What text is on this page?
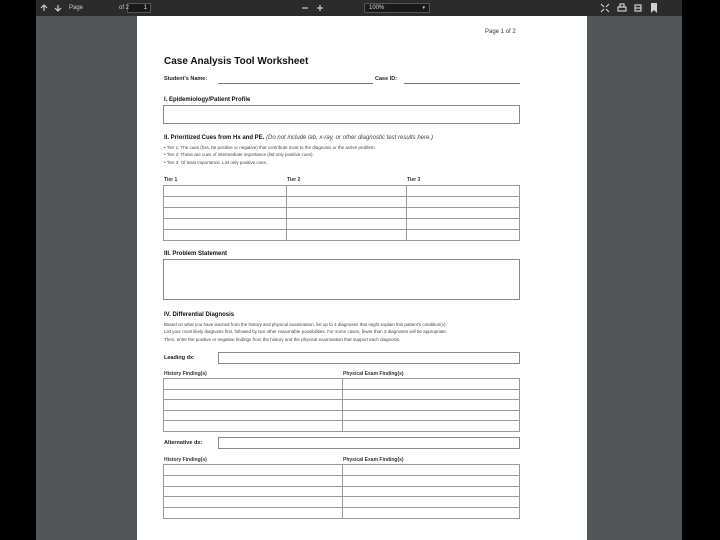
Page	1
of 2	100%	▾
Page 1 of 2
Case Analysis Tool Worksheet
Student's Name:	Case ID:
I. Epidemiology/Patient Profile
II. Prioritized Cues from Hx and PE. (Do not include lab, x-ray, or other diagnostic test results here.)
• Tier 1: The cues (hxs, be positive or negative) that contribute most to the diagnosis or the active problem.
• Tier 2: These are cues of intermediate importance (list only positive cues).
• Tier 3: Of least importance. List only positive cues.
Tier 1	Tier 2	Tier 3

III. Problem Statement
IV. Differential Diagnosis
Based on what you have learned from the history and physical examination, list up to 4 diagnoses that might explain this patient's condition(s).
List your most likely diagnosis first, followed by two other reasonable possibilities. For some cases, fewer than 3 diagnoses will be appropriate.
Then, enter the positive or negative findings from the history and the physical examination that support each diagnosis.
Leading dx:
History Finding(s)	Physical Exam Finding(s)

Alternative dx:
History Finding(s)	Physical Exam Finding(s)
